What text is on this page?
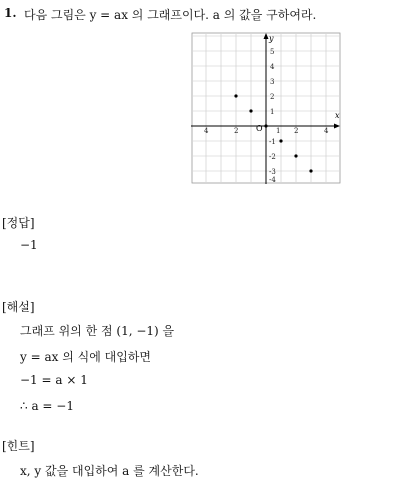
1. 다음 그림은 y = ax 의 그래프이다. a 의 값을 구하여라.
x
y
O
4	2	2	4
5
4
3
2
1
-1
-2
-3
-4
1
[정답]
−1
[해설]
그래프 위의 한 점 (1, −1) 을
y = ax 의 식에 대입하면
−1 = a × 1
∴ a = −1
[힌트]
x, y 값을 대입하여 a 를 계산한다.
